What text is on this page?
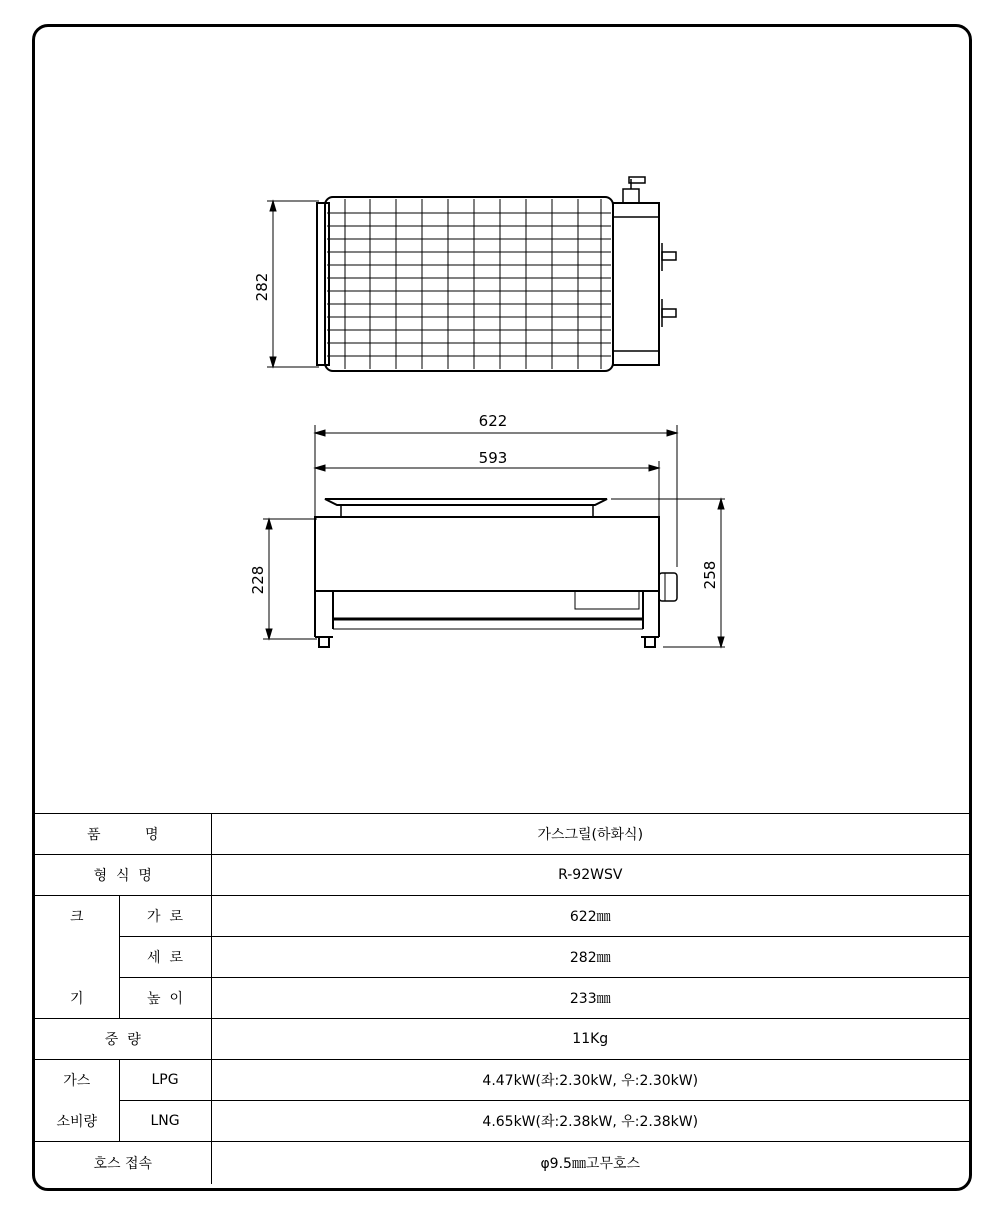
282
622
593
228	258
품          명		가스그릴(하화식)
형  식  명		R-92WSV
크	가  로	622㎜
	세  로	282㎜
기	높  이	233㎜
중  량		11Kg
가스	LPG	4.47kW(좌:2.30kW, 우:2.30kW)
소비량	LNG	4.65kW(좌:2.38kW, 우:2.38kW)
호스 접속		φ9.5㎜고무호스
